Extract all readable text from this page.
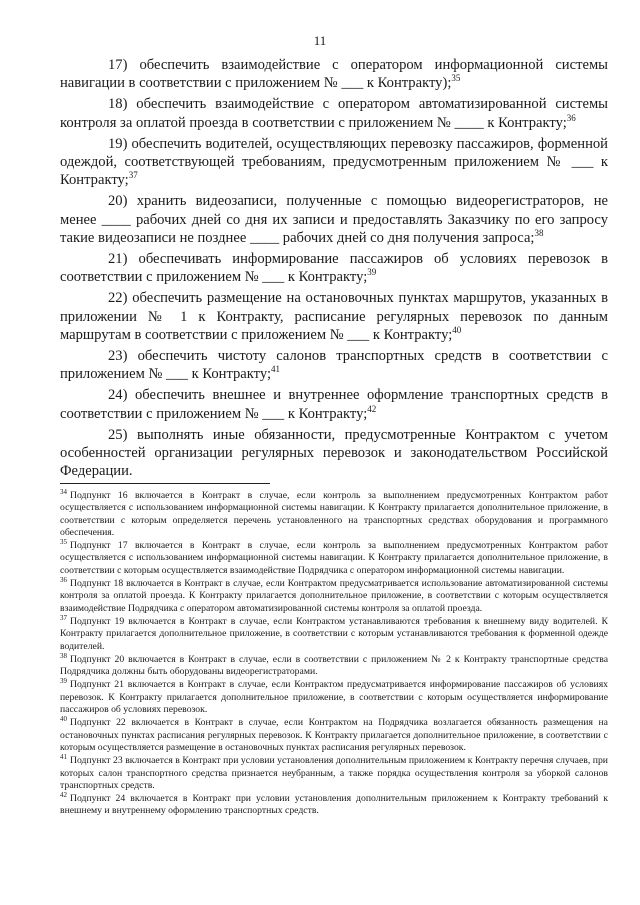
11

17) обеспечить взаимодействие с оператором информационной системы навигации в соответствии с приложением № ___ к Контракту);$^{35}$

18) обеспечить взаимодействие с оператором автоматизированной системы контроля за оплатой проезда в соответствии с приложением № ____ к Контракту;$^{36}$

19) обеспечить водителей, осуществляющих перевозку пассажиров, форменной одеждой, соответствующей требованиям, предусмотренным приложением № ___ к Контракту;$^{37}$

20) хранить видеозаписи, полученные с помощью видеорегистраторов, не менее ____ рабочих дней со дня их записи и предоставлять Заказчику по его запросу такие видеозаписи не позднее ____ рабочих дней со дня получения запроса;$^{38}$

21) обеспечивать информирование пассажиров об условиях перевозок в соответствии с приложением № ___ к Контракту;$^{39}$

22) обеспечить размещение на остановочных пунктах маршрутов, указанных в приложении № 1 к Контракту, расписание регулярных перевозок по данным маршрутам в соответствии с приложением № ___ к Контракту;$^{40}$

23) обеспечить чистоту салонов транспортных средств в соответствии с приложением № ___ к Контракту;$^{41}$

24) обеспечить внешнее и внутреннее оформление транспортных средств в соответствии с приложением № ___ к Контракту;$^{42}$

25) выполнять иные обязанности, предусмотренные Контрактом с учетом особенностей организации регулярных перевозок и законодательством Российской Федерации.

$^{34}$ Подпункт 16 включается в Контракт в случае, если контроль за выполнением предусмотренных Контрактом работ осуществляется с использованием информационной системы навигации. К Контракту прилагается дополнительное приложение, в соответствии с которым определяется перечень установленного на транспортных средствах оборудования и программного обеспечения.

$^{35}$ Подпункт 17 включается в Контракт в случае, если контроль за выполнением предусмотренных Контрактом работ осуществляется с использованием информационной системы навигации. К Контракту прилагается дополнительное приложение, в соответствии с которым осуществляется взаимодействие Подрядчика с оператором информационной системы навигации.

$^{36}$ Подпункт 18 включается в Контракт в случае, если Контрактом предусматривается использование автоматизированной системы контроля за оплатой проезда. К Контракту прилагается дополнительное приложение, в соответствии с которым осуществляется взаимодействие Подрядчика с оператором автоматизированной системы контроля за оплатой проезда.

$^{37}$ Подпункт 19 включается в Контракт в случае, если Контрактом устанавливаются требования к внешнему виду водителей. К Контракту прилагается дополнительное приложение, в соответствии с которым устанавливаются требования к форменной одежде водителей.

$^{38}$ Подпункт 20 включается в Контракт в случае, если в соответствии с приложением № 2 к Контракту транспортные средства Подрядчика должны быть оборудованы видеорегистраторами.

$^{39}$ Подпункт 21 включается в Контракт в случае, если Контрактом предусматривается информирование пассажиров об условиях перевозок. К Контракту прилагается дополнительное приложение, в соответствии с которым осуществляется информирование пассажиров об условиях перевозок.

$^{40}$ Подпункт 22 включается в Контракт в случае, если Контрактом на Подрядчика возлагается обязанность размещения на остановочных пунктах расписания регулярных перевозок. К Контракту прилагается дополнительное приложение, в соответствии с которым осуществляется размещение в остановочных пунктах расписания регулярных перевозок.

$^{41}$ Подпункт 23 включается в Контракт при условии установления дополнительным приложением к Контракту перечня случаев, при которых салон транспортного средства признается неубранным, а также порядка осуществления контроля за уборкой салонов транспортных средств.

$^{42}$ Подпункт 24 включается в Контракт при условии установления дополнительным приложением к Контракту требований к внешнему и внутреннему оформлению транспортных средств.
